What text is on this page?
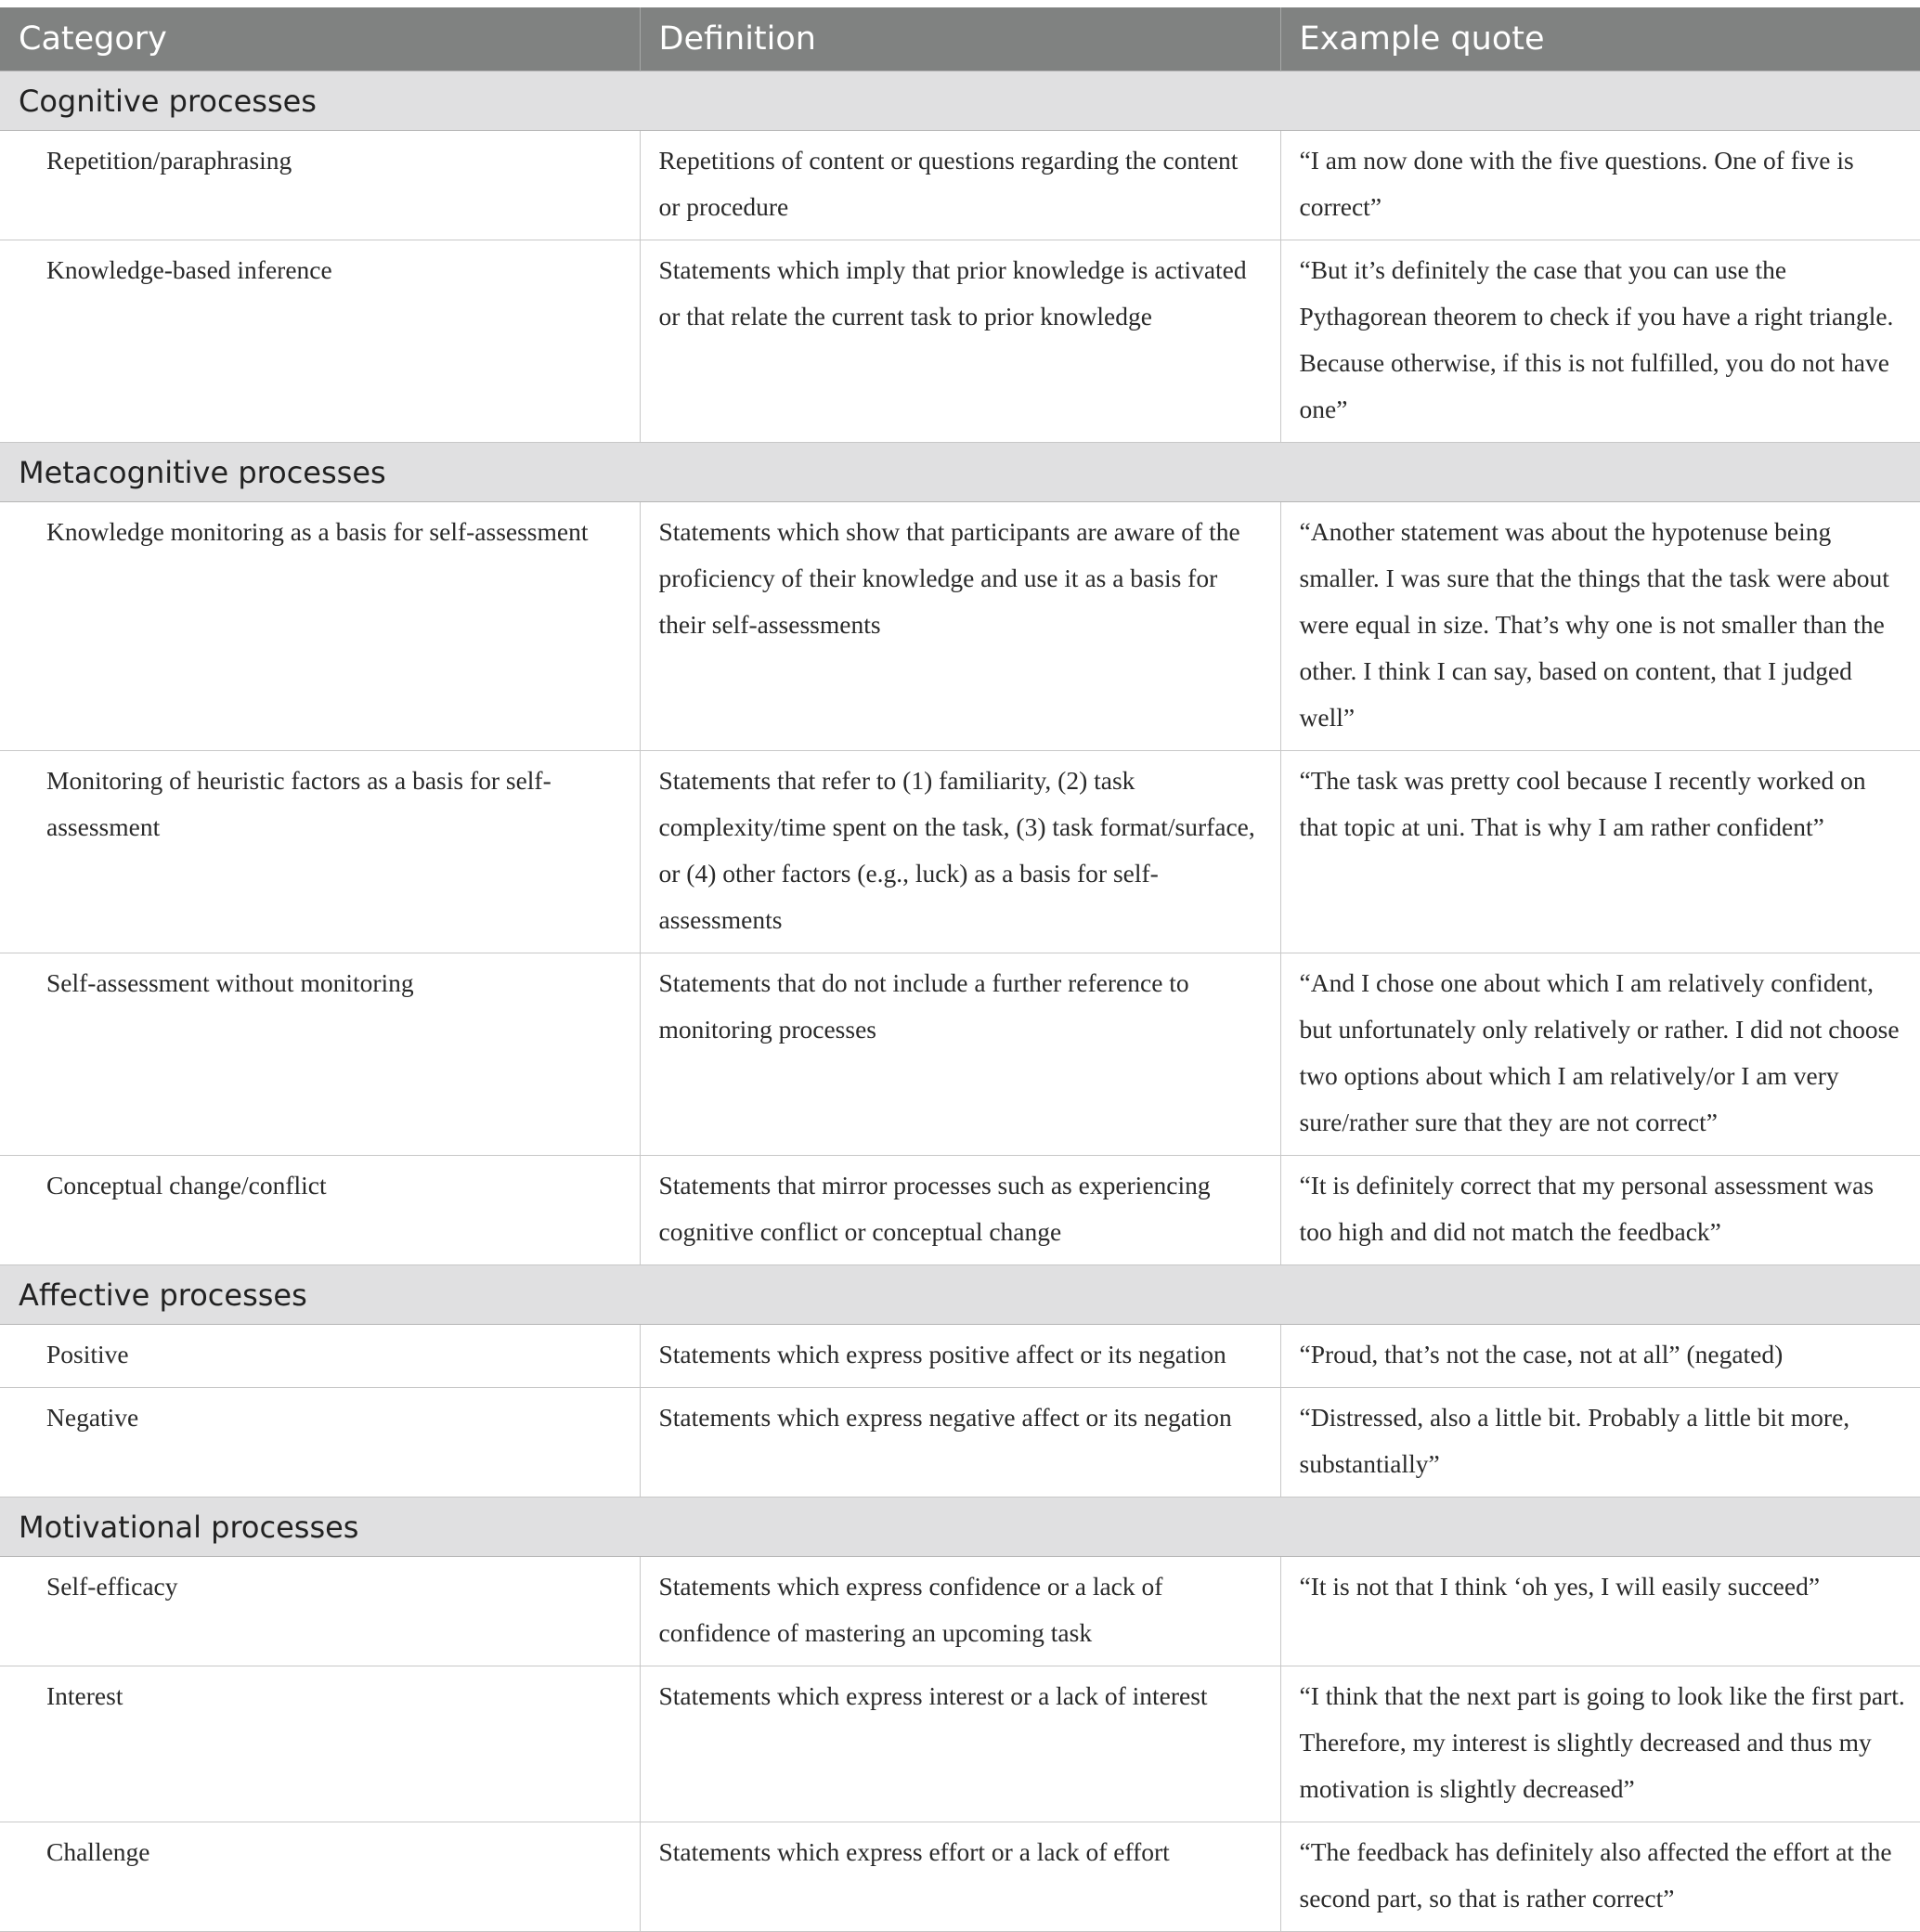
Category	Definition	Example quote
Cognitive processes		
Repetition/paraphrasing	Repetitions of content or questions regarding the content or procedure	“I am now done with the five questions. One of five is correct”
Knowledge-based inference	Statements which imply that prior knowledge is activated or that relate the current task to prior knowledge	“But it’s definitely the case that you can use the Pythagorean theorem to check if you have a right triangle. Because otherwise, if this is not fulfilled, you do not have one”
Metacognitive processes		
Knowledge monitoring as a basis for self-assessment	Statements which show that participants are aware of the proficiency of their knowledge and use it as a basis for their self-assessments	“Another statement was about the hypotenuse being smaller. I was sure that the things that the task were about were equal in size. That’s why one is not smaller than the other. I think I can say, based on content, that I judged well”
Monitoring of heuristic factors as a basis for self-assessment	Statements that refer to (1) familiarity, (2) task complexity/time spent on the task, (3) task format/surface, or (4) other factors (e.g., luck) as a basis for self-assessments	“The task was pretty cool because I recently worked on that topic at uni. That is why I am rather confident”
Self-assessment without monitoring	Statements that do not include a further reference to monitoring processes	“And I chose one about which I am relatively confident, but unfortunately only relatively or rather. I did not choose two options about which I am relatively/or I am very sure/rather sure that they are not correct”
Conceptual change/conflict	Statements that mirror processes such as experiencing cognitive conflict or conceptual change	“It is definitely correct that my personal assessment was too high and did not match the feedback”
Affective processes		
Positive	Statements which express positive affect or its negation	“Proud, that’s not the case, not at all” (negated)
Negative	Statements which express negative affect or its negation	“Distressed, also a little bit. Probably a little bit more, substantially”
Motivational processes		
Self-efficacy	Statements which express confidence or a lack of confidence of mastering an upcoming task	“It is not that I think ‘oh yes, I will easily succeed”
Interest	Statements which express interest or a lack of interest	“I think that the next part is going to look like the first part. Therefore, my interest is slightly decreased and thus my motivation is slightly decreased”
Challenge	Statements which express effort or a lack of effort	“The feedback has definitely also affected the effort at the second part, so that is rather correct”
